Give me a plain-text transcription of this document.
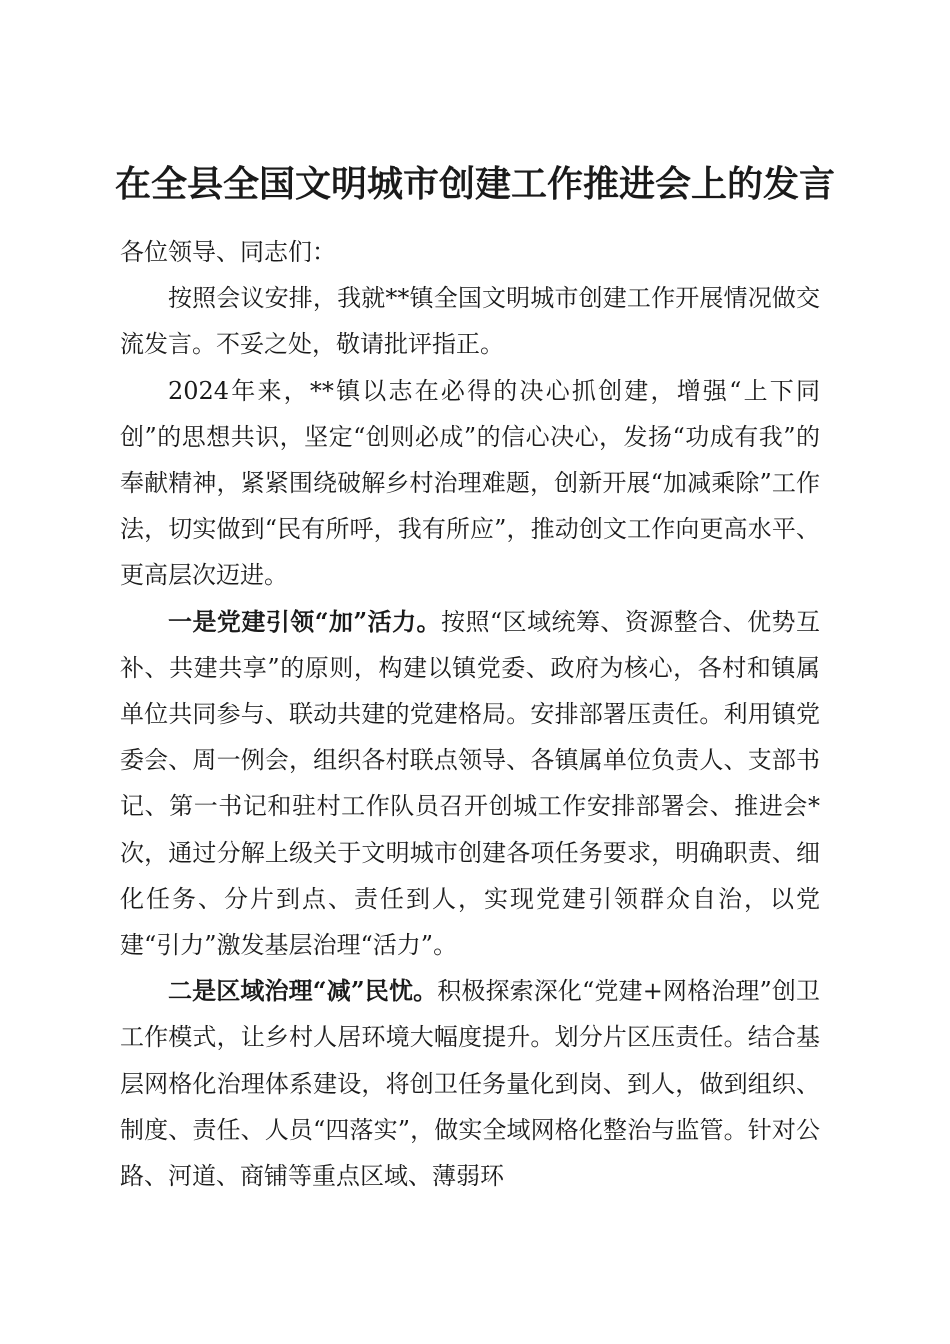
在全县全国文明城市创建工作推进会上的发言

各位领导、同志们：

按照会议安排，我就**镇全国文明城市创建工作开展情况做交流发言。不妥之处，敬请批评指正。

2024年来，**镇以志在必得的决心抓创建，增强“上下同创”的思想共识，坚定“创则必成”的信心决心，发扬“功成有我”的奉献精神，紧紧围绕破解乡村治理难题，创新开展“加减乘除”工作法，切实做到“民有所呼，我有所应”，推动创文工作向更高水平、更高层次迈进。

一是党建引领“加”活力。按照“区域统筹、资源整合、优势互补、共建共享”的原则，构建以镇党委、政府为核心，各村和镇属单位共同参与、联动共建的党建格局。安排部署压责任。利用镇党委会、周一例会，组织各村联点领导、各镇属单位负责人、支部书记、第一书记和驻村工作队员召开创城工作安排部署会、推进会*次，通过分解上级关于文明城市创建各项任务要求，明确职责、细化任务、分片到点、责任到人，实现党建引领群众自治，以党建“引力”激发基层治理“活力”。

二是区域治理“减”民忧。积极探索深化“党建+网格治理”创卫工作模式，让乡村人居环境大幅度提升。划分片区压责任。结合基层网格化治理体系建设，将创卫任务量化到岗、到人，做到组织、制度、责任、人员“四落实”，做实全域网格化整治与监管。针对公路、河道、商铺等重点区域、薄弱环
